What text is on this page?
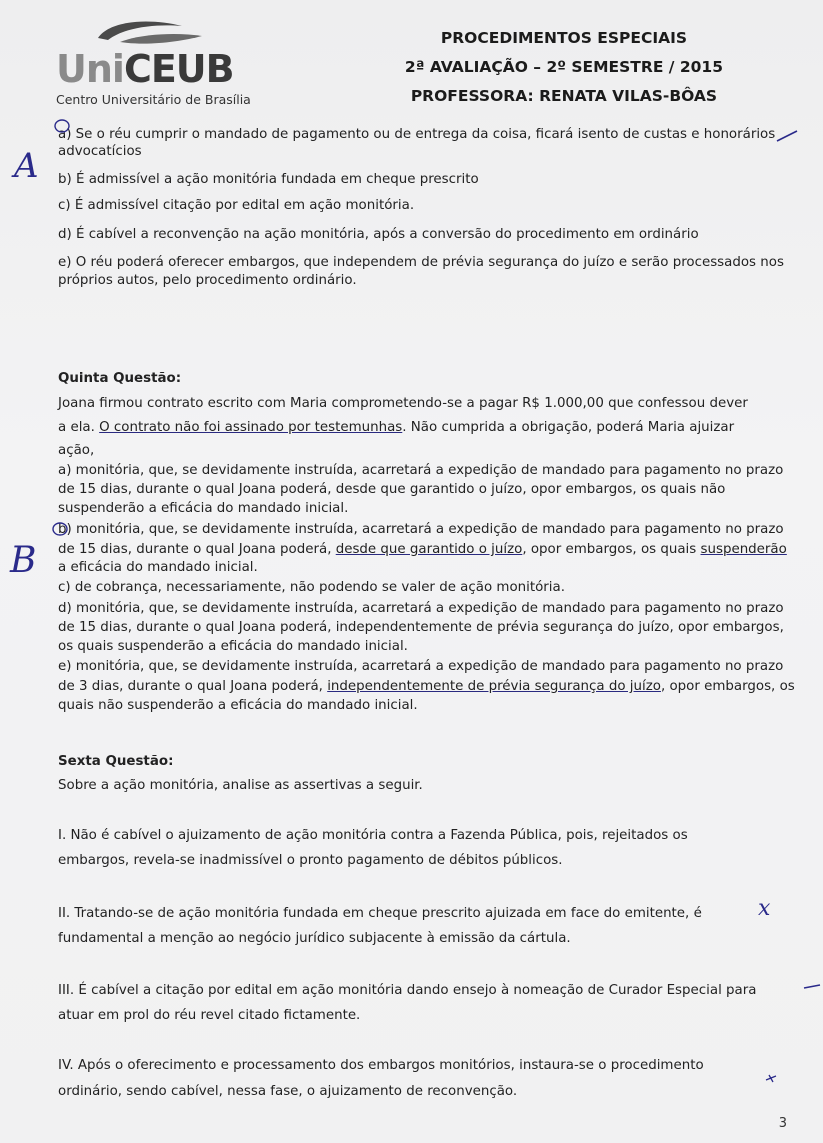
UniCEUB
Centro Universitário de Brasília
PROCEDIMENTOS ESPECIAIS
2ª AVALIAÇÃO – 2º SEMESTRE / 2015
PROFESSORA: RENATA VILAS-BÔAS
a) Se o réu cumprir o mandado de pagamento ou de entrega da coisa, ficará isento de custas e honorários
advocatícios
b) É admissível a ação monitória fundada em cheque prescrito
c) É admissível citação por edital em ação monitória.
d) É cabível a reconvenção na ação monitória, após a conversão do procedimento em ordinário
e) O réu poderá oferecer embargos, que independem de prévia segurança do juízo e serão processados nos
próprios autos, pelo procedimento ordinário.
A
Quinta Questão:
Joana firmou contrato escrito com Maria comprometendo-se a pagar R$ 1.000,00 que confessou dever
a ela. O contrato não foi assinado por testemunhas. Não cumprida a obrigação, poderá Maria ajuizar
ação,
a) monitória, que, se devidamente instruída, acarretará a expedição de mandado para pagamento no prazo
de 15 dias, durante o qual Joana poderá, desde que garantido o juízo, opor embargos, os quais não
suspenderão a eficácia do mandado inicial.
b) monitória, que, se devidamente instruída, acarretará a expedição de mandado para pagamento no prazo
de 15 dias, durante o qual Joana poderá, desde que garantido o juízo, opor embargos, os quais suspenderão
a eficácia do mandado inicial.
c) de cobrança, necessariamente, não podendo se valer de ação monitória.
d) monitória, que, se devidamente instruída, acarretará a expedição de mandado para pagamento no prazo
de 15 dias, durante o qual Joana poderá, independentemente de prévia segurança do juízo, opor embargos,
os quais suspenderão a eficácia do mandado inicial.
e) monitória, que, se devidamente instruída, acarretará a expedição de mandado para pagamento no prazo
de 3 dias, durante o qual Joana poderá, independentemente de prévia segurança do juízo, opor embargos, os
quais não suspenderão a eficácia do mandado inicial.
B
Sexta Questão:
Sobre a ação monitória, analise as assertivas a seguir.
I. Não é cabível o ajuizamento de ação monitória contra a Fazenda Pública, pois, rejeitados os
embargos, revela-se inadmissível o pronto pagamento de débitos públicos.
II. Tratando-se de ação monitória fundada em cheque prescrito ajuizada em face do emitente, é
fundamental a menção ao negócio jurídico subjacente à emissão da cártula.
x
III. É cabível a citação por edital em ação monitória dando ensejo à nomeação de Curador Especial para
atuar em prol do réu revel citado fictamente.
IV. Após o oferecimento e processamento dos embargos monitórios, instaura-se o procedimento
ordinário, sendo cabível, nessa fase, o ajuizamento de reconvenção.
3
